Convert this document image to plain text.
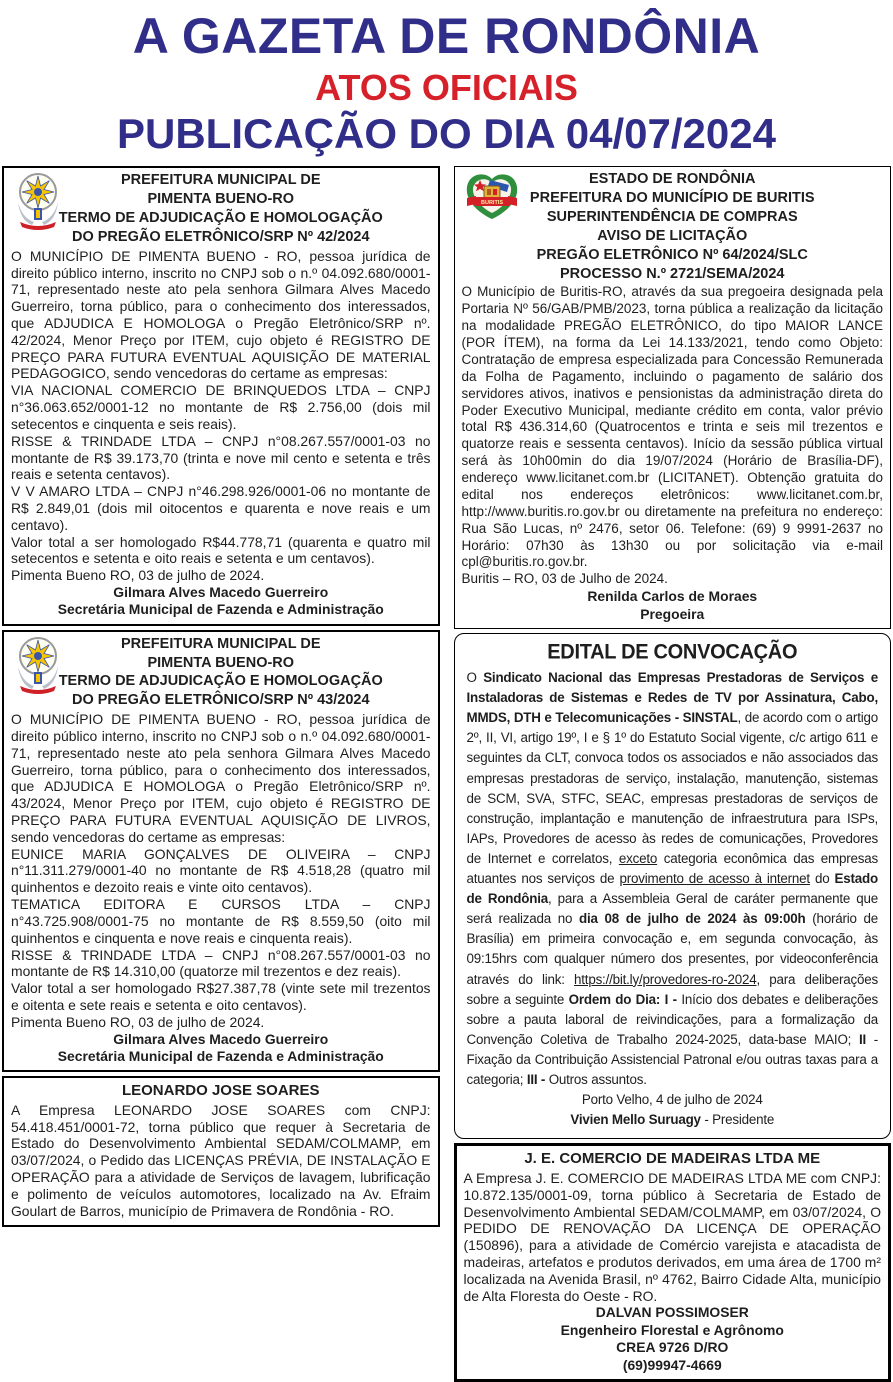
A GAZETA DE RONDÔNIA
ATOS OFICIAIS
PUBLICAÇÃO DO DIA 04/07/2024
PREFEITURA MUNICIPAL DE
PIMENTA BUENO-RO
TERMO DE ADJUDICAÇÃO E HOMOLOGAÇÃO
DO PREGÃO ELETRÔNICO/SRP Nº 42/2024

O MUNICÍPIO DE PIMENTA BUENO - RO, pessoa jurídica de direito público interno, inscrito no CNPJ sob o n.º 04.092.680/0001-71, representado neste ato pela senhora Gilmara Alves Macedo Guerreiro, torna público, para o conhecimento dos interessados, que ADJUDICA E HOMOLOGA o Pregão Eletrônico/SRP nº. 42/2024, Menor Preço por ITEM, cujo objeto é REGISTRO DE PREÇO PARA FUTURA EVENTUAL AQUISIÇÃO DE MATERIAL PEDAGOGICO, sendo vencedoras do certame as empresas:

VIA NACIONAL COMERCIO DE BRINQUEDOS LTDA – CNPJ n°36.063.652/0001-12 no montante de R$ 2.756,00 (dois mil setecentos e cinquenta e seis reais).

RISSE & TRINDADE LTDA – CNPJ n°08.267.557/0001-03 no montante de R$ 39.173,70 (trinta e nove mil cento e setenta e três reais e setenta centavos).

V V AMARO LTDA – CNPJ n°46.298.926/0001-06 no montante de R$ 2.849,01 (dois mil oitocentos e quarenta e nove reais e um centavo).

Valor total a ser homologado R$44.778,71 (quarenta e quatro mil setecentos e setenta e oito reais e setenta e um centavos).

Pimenta Bueno RO, 03 de julho de 2024.

Gilmara Alves Macedo Guerreiro
Secretária Municipal de Fazenda e Administração
PREFEITURA MUNICIPAL DE
PIMENTA BUENO-RO
TERMO DE ADJUDICAÇÃO E HOMOLOGAÇÃO
DO PREGÃO ELETRÔNICO/SRP Nº 43/2024

O MUNICÍPIO DE PIMENTA BUENO - RO, pessoa jurídica de direito público interno, inscrito no CNPJ sob o n.º 04.092.680/0001-71, representado neste ato pela senhora Gilmara Alves Macedo Guerreiro, torna público, para o conhecimento dos interessados, que ADJUDICA E HOMOLOGA o Pregão Eletrônico/SRP nº. 43/2024, Menor Preço por ITEM, cujo objeto é REGISTRO DE PREÇO PARA FUTURA EVENTUAL AQUISIÇÃO DE LIVROS, sendo vencedoras do certame as empresas:

EUNICE MARIA GONÇALVES DE OLIVEIRA – CNPJ n°11.311.279/0001-40 no montante de R$ 4.518,28 (quatro mil quinhentos e dezoito reais e vinte oito centavos).

TEMATICA EDITORA E CURSOS LTDA – CNPJ n°43.725.908/0001-75 no montante de R$ 8.559,50 (oito mil quinhentos e cinquenta e nove reais e cinquenta reais).

RISSE & TRINDADE LTDA – CNPJ n°08.267.557/0001-03 no montante de R$ 14.310,00 (quatorze mil trezentos e dez reais).

Valor total a ser homologado R$27.387,78 (vinte sete mil trezentos e oitenta e sete reais e setenta e oito centavos).

Pimenta Bueno RO, 03 de julho de 2024.

Gilmara Alves Macedo Guerreiro
Secretária Municipal de Fazenda e Administração
LEONARDO JOSE SOARES

A Empresa LEONARDO JOSE SOARES com CNPJ: 54.418.451/0001-72, torna público que requer à Secretaria de Estado do Desenvolvimento Ambiental SEDAM/COLMAMP, em 03/07/2024, o Pedido das LICENÇAS PRÉVIA, DE INSTALAÇÃO E OPERAÇÃO para a atividade de Serviços de lavagem, lubrificação e polimento de veículos automotores, localizado na Av. Efraim Goulart de Barros, município de Primavera de Rondônia - RO.

BURITIS
ESTADO DE RONDÔNIA
PREFEITURA DO MUNICÍPIO DE BURITIS
SUPERINTENDÊNCIA DE COMPRAS
AVISO DE LICITAÇÃO
PREGÃO ELETRÔNICO Nº 64/2024/SLC
PROCESSO N.º 2721/SEMA/2024

O Município de Buritis-RO, através da sua pregoeira designada pela Portaria Nº 56/GAB/PMB/2023, torna pública a realização da licitação na modalidade PREGÃO ELETRÔNICO, do tipo MAIOR LANCE (POR ÍTEM), na forma da Lei 14.133/2021, tendo como Objeto: Contratação de empresa especializada para Concessão Remunerada da Folha de Pagamento, incluindo o pagamento de salário dos servidores ativos, inativos e pensionistas da administração direta do Poder Executivo Municipal, mediante crédito em conta, valor prévio total R$ 436.314,60 (Quatrocentos e trinta e seis mil trezentos e quatorze reais e sessenta centavos). Início da sessão pública virtual será às 10h00min do dia 19/07/2024 (Horário de Brasília-DF), endereço www.licitanet.com.br (LICITANET). Obtenção gratuita do edital nos endereços eletrônicos: www.licitanet.com.br, http://www.buritis.ro.gov.br ou diretamente na prefeitura no endereço: Rua São Lucas, nº 2476, setor 06. Telefone: (69) 9 9991-2637 no Horário: 07h30 às 13h30 ou por solicitação via e-mail cpl@buritis.ro.gov.br.

Buritis – RO, 03 de Julho de 2024.

Renilda Carlos de Moraes
Pregoeira
EDITAL DE CONVOCAÇÃO

O Sindicato Nacional das Empresas Prestadoras de Serviços e Instaladoras de Sistemas e Redes de TV por Assinatura, Cabo, MMDS, DTH e Telecomunicações - SINSTAL, de acordo com o artigo 2º, II, VI, artigo 19º, I e § 1º do Estatuto Social vigente, c/c artigo 611 e seguintes da CLT, convoca todos os associados e não associados das empresas prestadoras de serviço, instalação, manutenção, sistemas de SCM, SVA, STFC, SEAC, empresas prestadoras de serviços de construção, implantação e manutenção de infraestrutura para ISPs, IAPs, Provedores de acesso às redes de comunicações, Provedores de Internet e correlatos, exceto categoria econômica das empresas atuantes nos serviços de provimento de acesso à internet do Estado de Rondônia, para a Assembleia Geral de caráter permanente que será realizada no dia 08 de julho de 2024 às 09:00h (horário de Brasília) em primeira convocação e, em segunda convocação, às 09:15hrs com qualquer número dos presentes, por videoconferência através do link: https://bit.ly/provedores-ro-2024, para deliberações sobre a seguinte Ordem do Dia: I - Início dos debates e deliberações sobre a pauta laboral de reivindicações, para a formalização da Convenção Coletiva de Trabalho 2024-2025, data-base MAIO; II - Fixação da Contribuição Assistencial Patronal e/ou outras taxas para a categoria; III - Outros assuntos.

Porto Velho, 4 de julho de 2024

Vivien Mello Suruagy - Presidente

J. E. COMERCIO DE MADEIRAS LTDA ME

A Empresa J. E. COMERCIO DE MADEIRAS LTDA ME com CNPJ: 10.872.135/0001-09, torna público à Secretaria de Estado de Desenvolvimento Ambiental SEDAM/COLMAMP, em 03/07/2024, O PEDIDO DE RENOVAÇÃO DA LICENÇA DE OPERAÇÃO (150896), para a atividade de Comércio varejista e atacadista de madeiras, artefatos e produtos derivados, em uma área de 1700 m² localizada na Avenida Brasil, nº 4762, Bairro Cidade Alta, município de Alta Floresta do Oeste - RO.

DALVAN POSSIMOSER
Engenheiro Florestal e Agrônomo
CREA 9726 D/RO
(69)99947-4669
